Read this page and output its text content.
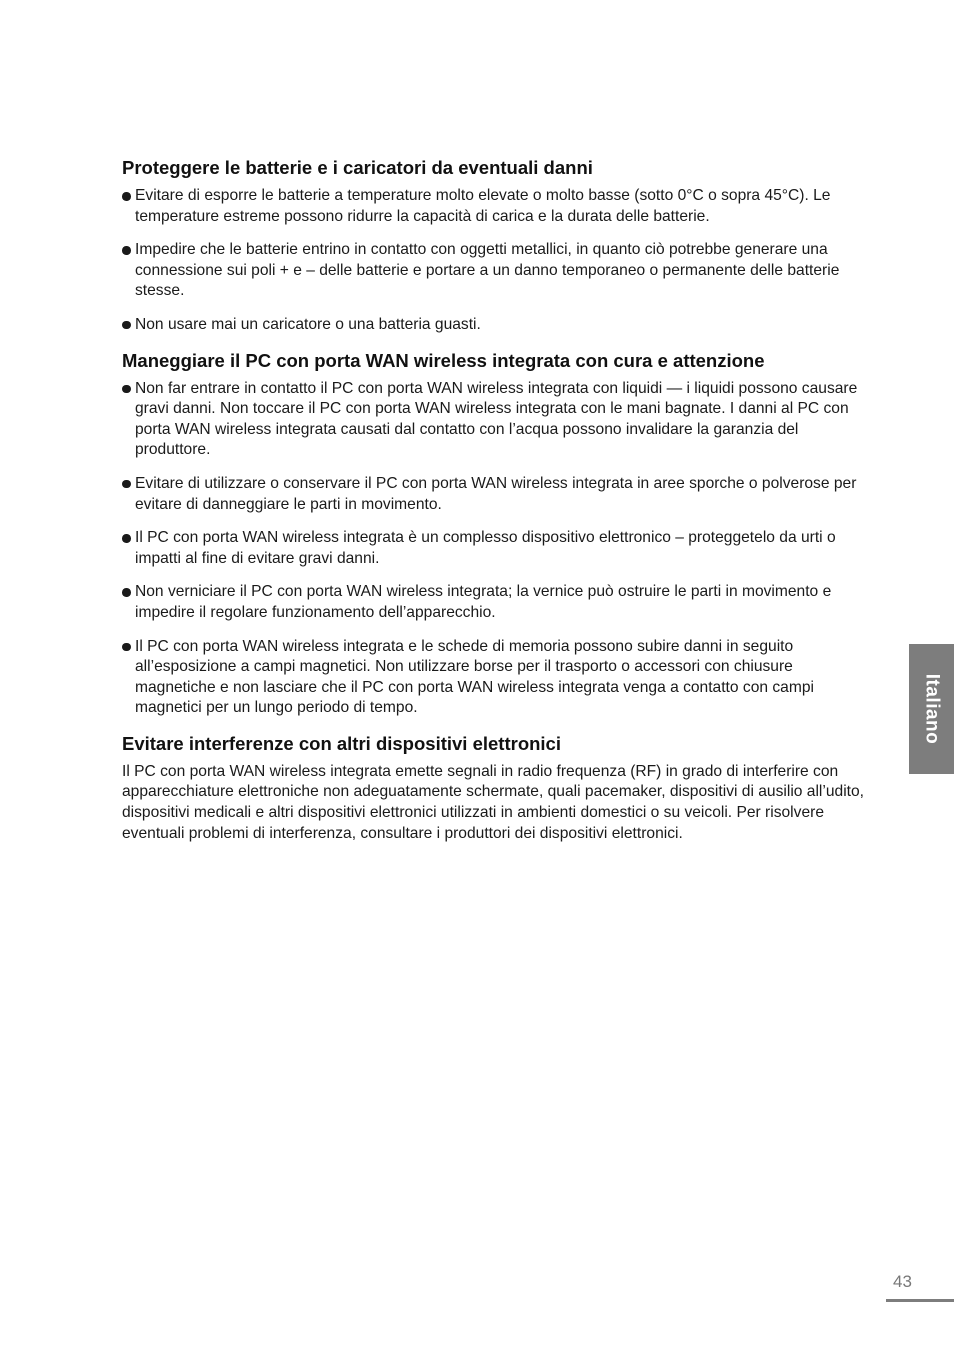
Proteggere le batterie e i caricatori da eventuali danni
Evitare di esporre le batterie a temperature molto elevate o molto basse (sotto 0°C o sopra 45°C). Le temperature estreme possono ridurre la capacità di carica e la durata delle batterie.
Impedire che le batterie entrino in contatto con oggetti metallici, in quanto ciò potrebbe generare una connessione sui poli + e – delle batterie e portare a un danno temporaneo o permanente delle batterie stesse.
Non usare mai un caricatore o una batteria guasti.
Maneggiare il PC con porta WAN wireless integrata con cura e attenzione
Non far entrare in contatto il PC con porta WAN wireless integrata con liquidi — i liquidi possono causare gravi danni. Non toccare il PC con porta WAN wireless integrata con le mani bagnate. I danni al PC con porta WAN wireless integrata causati dal contatto con l’acqua possono invalidare la garanzia del produttore.
Evitare di utilizzare o conservare il PC con porta WAN wireless integrata in aree sporche o polverose per evitare di danneggiare le parti in movimento.
Il PC con porta WAN wireless integrata è un complesso dispositivo elettronico – proteggetelo da urti o impatti al fine di evitare gravi danni.
Non verniciare il PC con porta WAN wireless integrata; la vernice può ostruire le parti in movimento e impedire il regolare funzionamento dell’apparecchio.
Il PC con porta WAN wireless integrata e le schede di memoria possono subire danni in seguito all’esposizione a campi magnetici. Non utilizzare borse per il trasporto o accessori con chiusure magnetiche e non lasciare che il PC con porta WAN wireless integrata venga a contatto con campi magnetici per un lungo periodo di tempo.
Evitare interferenze con altri dispositivi elettronici

Il PC con porta WAN wireless integrata emette segnali in radio frequenza (RF) in grado di interferire con apparecchiature elettroniche non adeguatamente schermate, quali pacemaker, dispositivi di ausilio all’udito, dispositivi medicali e altri dispositivi elettronici utilizzati in ambienti domestici o su veicoli. Per risolvere eventuali problemi di interferenza, consultare i produttori dei dispositivi elettronici.

Italiano
43
